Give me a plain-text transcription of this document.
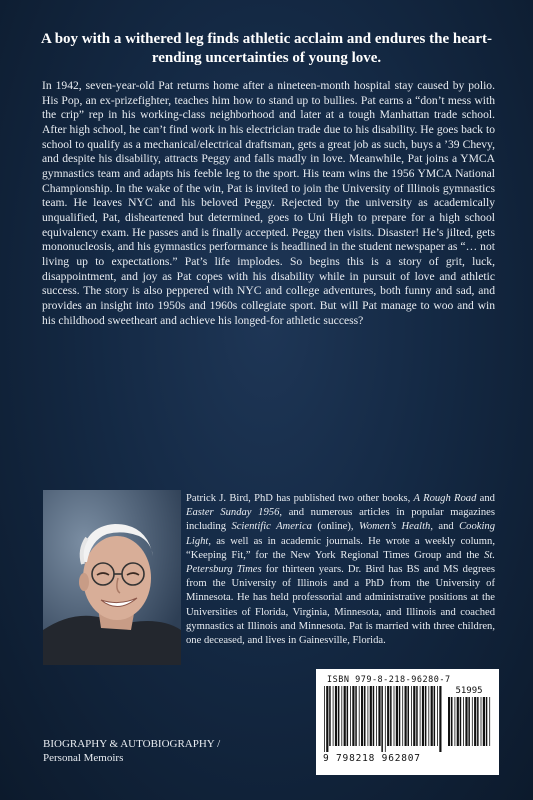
A boy with a withered leg finds athletic acclaim and endures the heart-rending uncertainties of young love.

In 1942, seven-year-old Pat returns home after a nineteen-month hospital stay caused by polio. His Pop, an ex-prizefighter, teaches him how to stand up to bullies. Pat earns a “don’t mess with the crip” rep in his working-class neighborhood and later at a tough Manhattan trade school. After high school, he can’t find work in his electrician trade due to his disability. He goes back to school to qualify as a mechanical/electrical draftsman, gets a great job as such, buys a ’39 Chevy, and despite his disability, attracts Peggy and falls madly in love. Meanwhile, Pat joins a YMCA gymnastics team and adapts his feeble leg to the sport. His team wins the 1956 YMCA National Championship. In the wake of the win, Pat is invited to join the University of Illinois gymnastics team. He leaves NYC and his beloved Peggy. Rejected by the university as academically unqualified, Pat, disheartened but determined, goes to Uni High to prepare for a high school equivalency exam. He passes and is finally accepted. Peggy then visits. Disaster! He’s jilted, gets mononucleosis, and his gymnastics performance is headlined in the student newspaper as “… not living up to expectations.” Pat’s life implodes. So begins this is a story of grit, luck, disappointment, and joy as Pat copes with his disability while in pursuit of love and athletic success. The story is also peppered with NYC and college adventures, both funny and sad, and provides an insight into 1950s and 1960s collegiate sport. But will Pat manage to woo and win his childhood sweetheart and achieve his longed-for athletic success?

Patrick J. Bird, PhD has published two other books, A Rough Road and Easter Sunday 1956, and numerous articles in popular magazines including Scientific America (online), Women’s Health, and Cooking Light, as well as in academic journals. He wrote a weekly column, “Keeping Fit,” for the New York Regional Times Group and the St. Petersburg Times for thirteen years. Dr. Bird has BS and MS degrees from the University of Illinois and a PhD from the University of Minnesota. He has held professorial and administrative positions at the Universities of Florida, Virginia, Minnesota, and Illinois and coached gymnastics at Illinois and Minnesota. Pat is married with three children, one deceased, and lives in Gainesville, Florida.
ISBN 979-8-218-96280-7
51995
9 798218 962807
BIOGRAPHY & AUTOBIOGRAPHY /
Personal Memoirs
